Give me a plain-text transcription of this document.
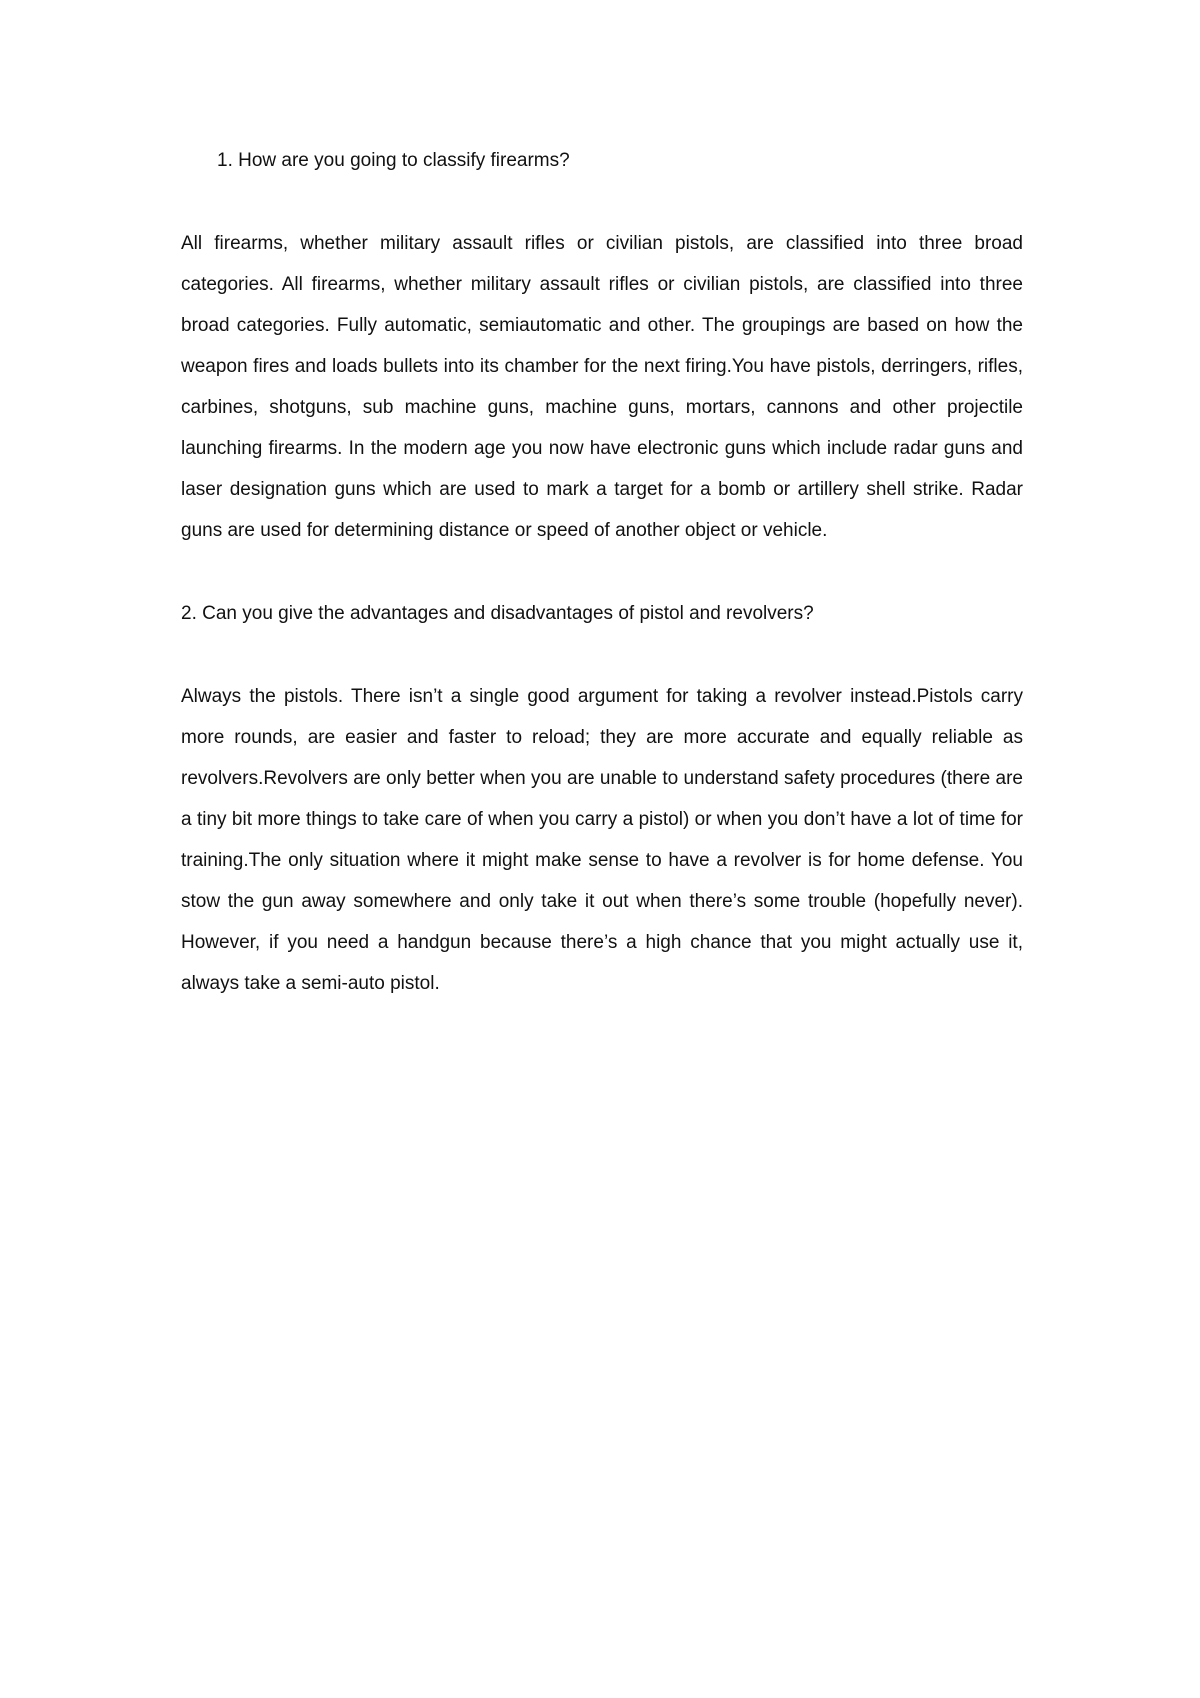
1. How are you going to classify firearms?

All firearms, whether military assault rifles or civilian pistols, are classified into three broad categories. All firearms, whether military assault rifles or civilian pistols, are classified into three broad categories. Fully automatic, semiautomatic and other. The groupings are based on how the weapon fires and loads bullets into its chamber for the next firing.You have pistols, derringers, rifles, carbines, shotguns, sub machine guns, machine guns, mortars, cannons and other projectile launching firearms. In the modern age you now have electronic guns which include radar guns and laser designation guns which are used to mark a target for a bomb or artillery shell strike. Radar guns are used for determining distance or speed of another object or vehicle.

2. Can you give the advantages and disadvantages of pistol and revolvers?

Always the pistols. There isn’t a single good argument for taking a revolver instead.Pistols carry more rounds, are easier and faster to reload; they are more accurate and equally reliable as revolvers.Revolvers are only better when you are unable to understand safety procedures (there are a tiny bit more things to take care of when you carry a pistol) or when you don’t have a lot of time for training.The only situation where it might make sense to have a revolver is for home defense. You stow the gun away somewhere and only take it out when there’s some trouble (hopefully never). However, if you need a handgun because there’s a high chance that you might actually use it, always take a semi-auto pistol.
